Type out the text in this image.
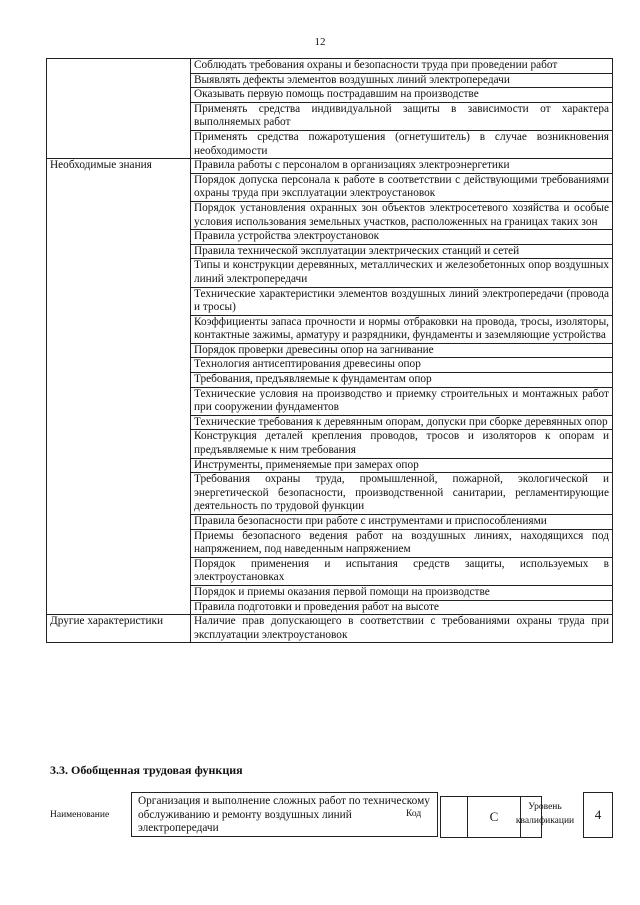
12
	Соблюдать требования охраны и безопасности труда при проведении работ
	Выявлять дефекты элементов воздушных линий электропередачи
	Оказывать первую помощь пострадавшим на производстве
	Применять средства индивидуальной защиты в зависимости от характера выполняемых работ
	Применять средства пожаротушения (огнетушитель) в случае возникновения необходимости
Необходимые знания	Правила работы с персоналом в организациях электроэнергетики
	Порядок допуска персонала к работе в соответствии с действующими требованиями охраны труда при эксплуатации электроустановок
	Порядок установления охранных зон объектов электросетевого хозяйства и особые условия использования земельных участков, расположенных на границах таких зон
	Правила устройства электроустановок
	Правила технической эксплуатации электрических станций и сетей
	Типы и конструкции деревянных, металлических и железобетонных опор воздушных линий электропередачи
	Технические характеристики элементов воздушных линий электропередачи (провода и тросы)
	Коэффициенты запаса прочности и нормы отбраковки на провода, тросы, изоляторы, контактные зажимы, арматуру и разрядники, фундаменты и заземляющие устройства
	Порядок проверки древесины опор на загнивание
	Технология антисептирования древесины опор
	Требования, предъявляемые к фундаментам опор
	Технические условия на производство и приемку строительных и монтажных работ при сооружении фундаментов
	Технические требования к деревянным опорам, допуски при сборке деревянных опор
	Конструкция деталей крепления проводов, тросов и изоляторов к опорам и предъявляемые к ним требования
	Инструменты, применяемые при замерах опор
	Требования охраны труда, промышленной, пожарной, экологической и энергетической безопасности, производственной санитарии, регламентирующие деятельность по трудовой функции
	Правила безопасности при работе с инструментами и приспособлениями
	Приемы безопасного ведения работ на воздушных линиях, находящихся под напряжением, под наведенным напряжением
	Порядок применения и испытания средств защиты, используемых в электроустановках
	Порядок и приемы оказания первой помощи на производстве
	Правила подготовки и проведения работ на высоте
Другие характеристики	Наличие прав допускающего в соответствии с требованиями охраны труда при эксплуатации электроустановок
3.3. Обобщенная трудовая функция
Наименование
Организация и выполнение сложных работ по техническому обслуживанию и ремонту воздушных линий электропередачи
Код	C
Уровень
квалификации	4
